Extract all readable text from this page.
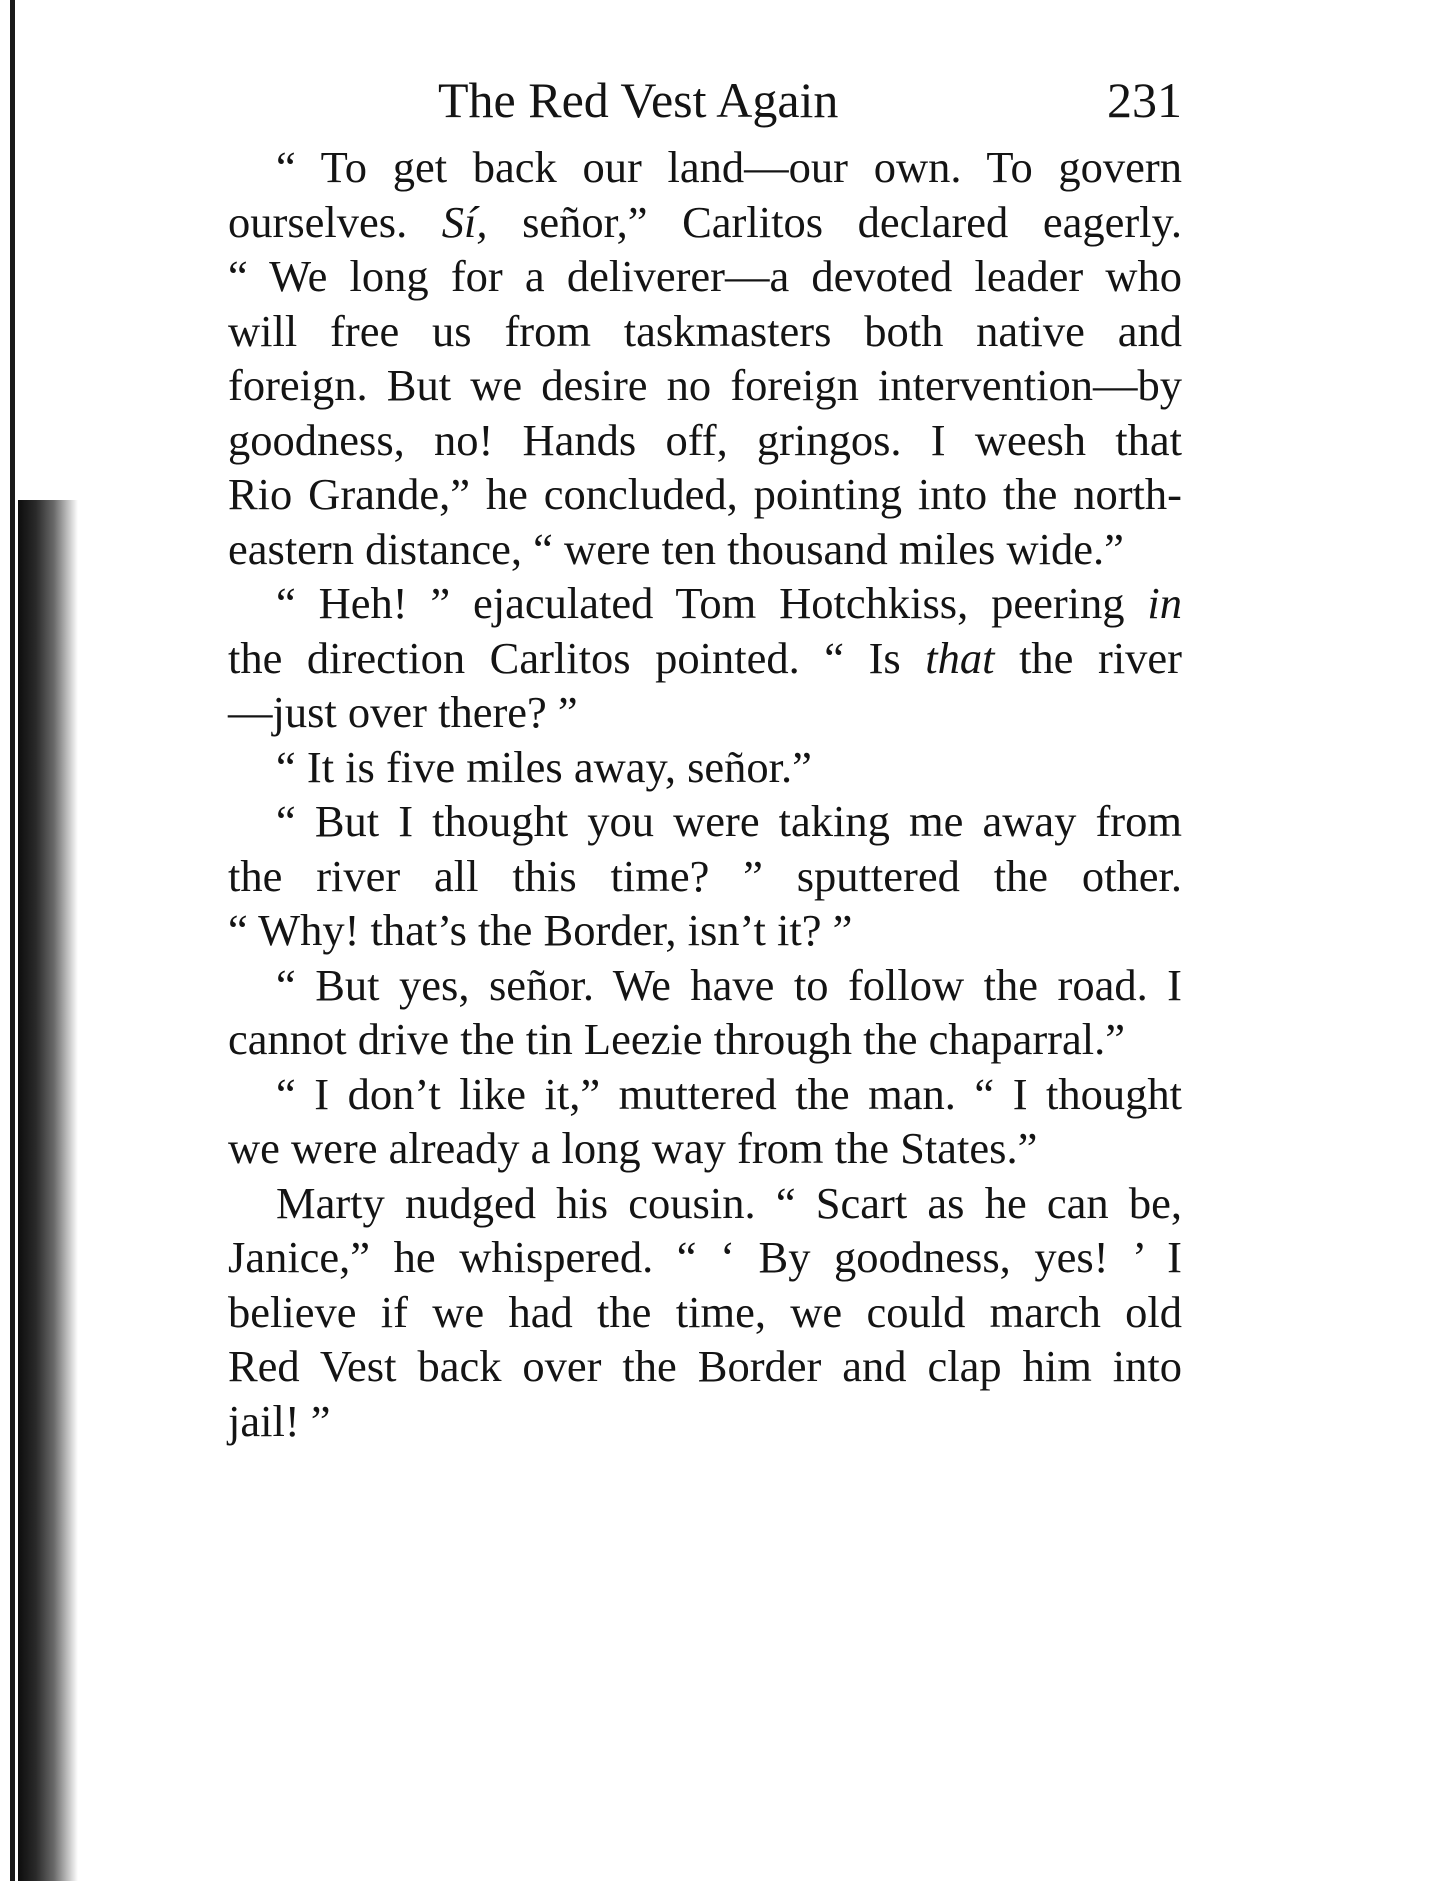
The Red Vest Again	231

“ To get back our land—our own. To govern
ourselves. Sí, señor,” Carlitos declared eagerly.
“ We long for a deliverer—a devoted leader who
will free us from taskmasters both native and
foreign. But we desire no foreign intervention—by
goodness, no! Hands off, gringos. I weesh that
Rio Grande,” he concluded, pointing into the north-
eastern distance, “ were ten thousand miles wide.”

“ Heh! ” ejaculated Tom Hotchkiss, peering in
the direction Carlitos pointed. “ Is that the river
—just over there? ”

“ It is five miles away, señor.”

“ But I thought you were taking me away from
the river all this time? ” sputtered the other.
“ Why! that’s the Border, isn’t it? ”

“ But yes, señor. We have to follow the road. I
cannot drive the tin Leezie through the chaparral.”

“ I don’t like it,” muttered the man. “ I thought
we were already a long way from the States.”

Marty nudged his cousin. “ Scart as he can be,
Janice,” he whispered. “ ‘ By goodness, yes! ’ I
believe if we had the time, we could march old
Red Vest back over the Border and clap him into
jail! ”
